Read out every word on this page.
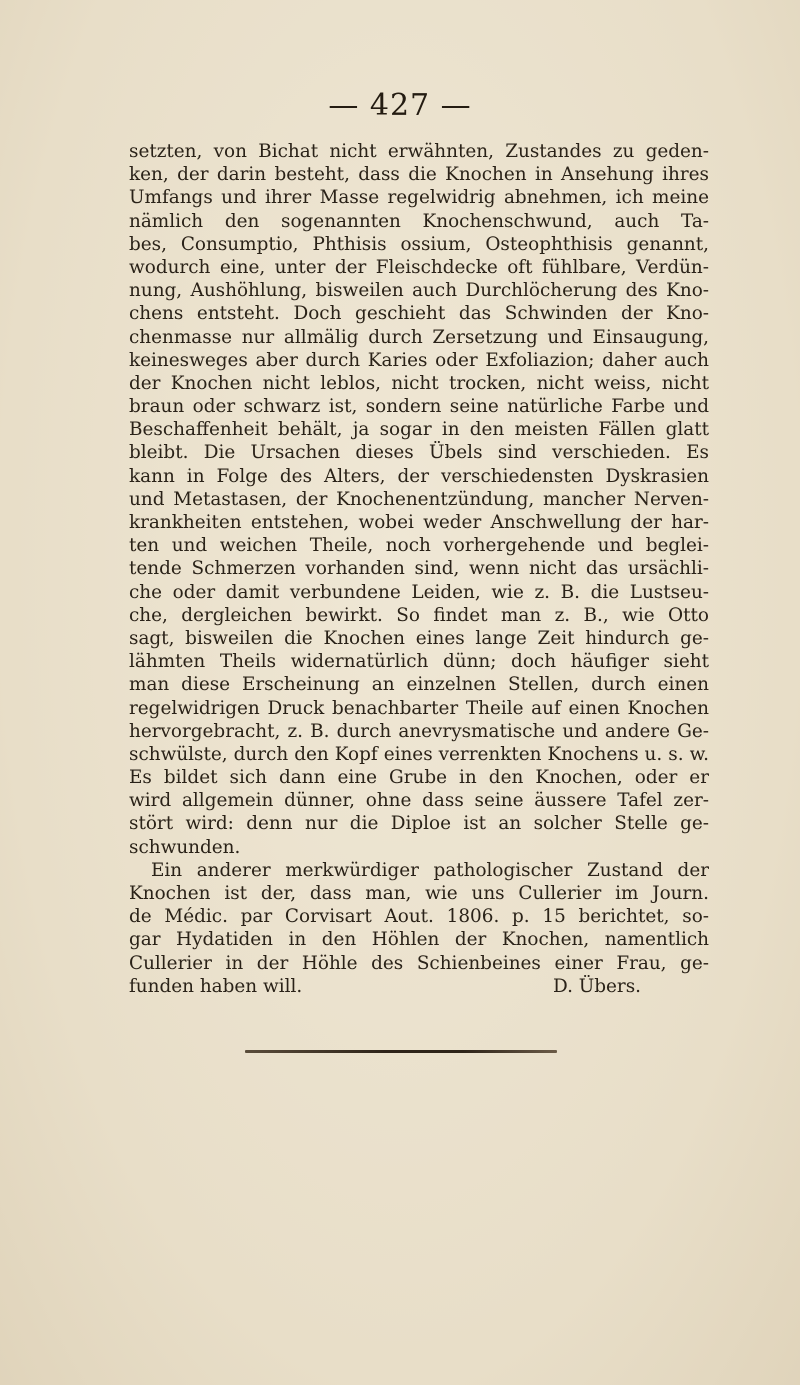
— 427 —
setzten, von Bichat nicht erwähnten, Zustandes zu geden-
ken, der darin besteht, dass die Knochen in Ansehung ihres
Umfangs und ihrer Masse regelwidrig abnehmen, ich meine
nämlich den sogenannten Knochenschwund, auch Ta-
bes, Consumptio, Phthisis ossium, Osteophthisis genannt,
wodurch eine, unter der Fleischdecke oft fühlbare, Verdün-
nung, Aushöhlung, bisweilen auch Durchlöcherung des Kno-
chens entsteht. Doch geschieht das Schwinden der Kno-
chenmasse nur allmälig durch Zersetzung und Einsaugung,
keinesweges aber durch Karies oder Exfoliazion; daher auch
der Knochen nicht leblos, nicht trocken, nicht weiss, nicht
braun oder schwarz ist, sondern seine natürliche Farbe und
Beschaffenheit behält, ja sogar in den meisten Fällen glatt
bleibt. Die Ursachen dieses Übels sind verschieden. Es
kann in Folge des Alters, der verschiedensten Dyskrasien
und Metastasen, der Knochenentzündung, mancher Nerven-
krankheiten entstehen, wobei weder Anschwellung der har-
ten und weichen Theile, noch vorhergehende und beglei-
tende Schmerzen vorhanden sind, wenn nicht das ursächli-
che oder damit verbundene Leiden, wie z. B. die Lustseu-
che, dergleichen bewirkt. So findet man z. B., wie Otto
sagt, bisweilen die Knochen eines lange Zeit hindurch ge-
lähmten Theils widernatürlich dünn; doch häufiger sieht
man diese Erscheinung an einzelnen Stellen, durch einen
regelwidrigen Druck benachbarter Theile auf einen Knochen
hervorgebracht, z. B. durch anevrysmatische und andere Ge-
schwülste, durch den Kopf eines verrenkten Knochens u. s. w.
Es bildet sich dann eine Grube in den Knochen, oder er
wird allgemein dünner, ohne dass seine äussere Tafel zer-
stört wird: denn nur die Diploe ist an solcher Stelle ge-
schwunden.
Ein anderer merkwürdiger pathologischer Zustand der
Knochen ist der, dass man, wie uns Cullerier im Journ.
de Médic. par Corvisart Aout. 1806. p. 15 berichtet, so-
gar Hydatiden in den Höhlen der Knochen, namentlich
Cullerier in der Höhle des Schienbeines einer Frau, ge-
funden haben will.	D. Übers.
